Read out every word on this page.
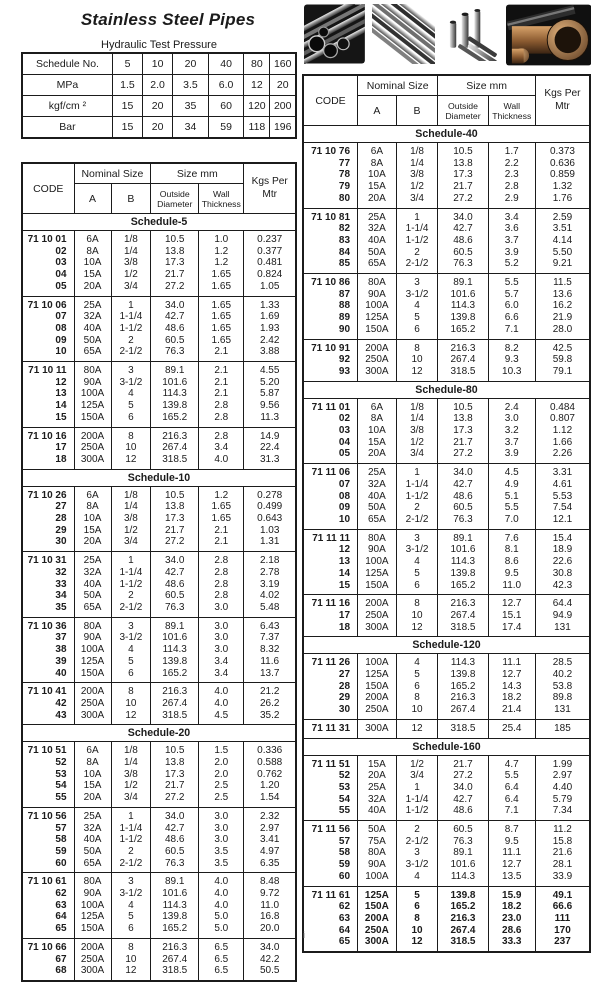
Stainless Steel Pipes
Hydraulic Test Pressure
Schedule No.	5	10	20	40	80	160
MPa	1.5	2.0	3.5	6.0	12	20
kgf/cm ²	15	20	35	60	120	200
Bar	15	20	34	59	118	196
CODE	Nominal Size		Size mm		Kgs Per Mtr
	A	B	Outside Diameter	Wall Thickness	
Schedule-5					
71 10 01	6A	1/8	10.5	1.0	0.237
02	8A	1/4	13.8	1.2	0.377
03	10A	3/8	17.3	1.2	0.481
04	15A	1/2	21.7	1.65	0.824
05	20A	3/4	27.2	1.65	1.05
71 10 06	25A	1	34.0	1.65	1.33
07	32A	1-1/4	42.7	1.65	1.69
08	40A	1-1/2	48.6	1.65	1.93
09	50A	2	60.5	1.65	2.42
10	65A	2-1/2	76.3	2.1	3.88
71 10 11	80A	3	89.1	2.1	4.55
12	90A	3-1/2	101.6	2.1	5.20
13	100A	4	114.3	2.1	5.87
14	125A	5	139.8	2.8	9.56
15	150A	6	165.2	2.8	11.3
71 10 16	200A	8	216.3	2.8	14.9
17	250A	10	267.4	3.4	22.4
18	300A	12	318.5	4.0	31.3
Schedule-10					
71 10 26	6A	1/8	10.5	1.2	0.278
27	8A	1/4	13.8	1.65	0.499
28	10A	3/8	17.3	1.65	0.643
29	15A	1/2	21.7	2.1	1.03
30	20A	3/4	27.2	2.1	1.31
71 10 31	25A	1	34.0	2.8	2.18
32	32A	1-1/4	42.7	2.8	2.78
33	40A	1-1/2	48.6	2.8	3.19
34	50A	2	60.5	2.8	4.02
35	65A	2-1/2	76.3	3.0	5.48
71 10 36	80A	3	89.1	3.0	6.43
37	90A	3-1/2	101.6	3.0	7.37
38	100A	4	114.3	3.0	8.32
39	125A	5	139.8	3.4	11.6
40	150A	6	165.2	3.4	13.7
71 10 41	200A	8	216.3	4.0	21.2
42	250A	10	267.4	4.0	26.2
43	300A	12	318.5	4.5	35.2
Schedule-20					
71 10 51	6A	1/8	10.5	1.5	0.336
52	8A	1/4	13.8	2.0	0.588
53	10A	3/8	17.3	2.0	0.762
54	15A	1/2	21.7	2.5	1.20
55	20A	3/4	27.2	2.5	1.54
71 10 56	25A	1	34.0	3.0	2.32
57	32A	1-1/4	42.7	3.0	2.97
58	40A	1-1/2	48.6	3.0	3.41
59	50A	2	60.5	3.5	4.97
60	65A	2-1/2	76.3	3.5	6.35
71 10 61	80A	3	89.1	4.0	8.48
62	90A	3-1/2	101.6	4.0	9.72
63	100A	4	114.3	4.0	11.0
64	125A	5	139.8	5.0	16.8
65	150A	6	165.2	5.0	20.0
71 10 66	200A	8	216.3	6.5	34.0
67	250A	10	267.4	6.5	42.2
68	300A	12	318.5	6.5	50.5
CODE	Nominal Size		Size mm		Kgs Per Mtr
	A	B	Outside Diameter	Wall Thickness	
Schedule-40					
71 10 76	6A	1/8	10.5	1.7	0.373
77	8A	1/4	13.8	2.2	0.636
78	10A	3/8	17.3	2.3	0.859
79	15A	1/2	21.7	2.8	1.32
80	20A	3/4	27.2	2.9	1.76
71 10 81	25A	1	34.0	3.4	2.59
82	32A	1-1/4	42.7	3.6	3.51
83	40A	1-1/2	48.6	3.7	4.14
84	50A	2	60.5	3.9	5.50
85	65A	2-1/2	76.3	5.2	9.21
71 10 86	80A	3	89.1	5.5	11.5
87	90A	3-1/2	101.6	5.7	13.6
88	100A	4	114.3	6.0	16.2
89	125A	5	139.8	6.6	21.9
90	150A	6	165.2	7.1	28.0
71 10 91	200A	8	216.3	8.2	42.5
92	250A	10	267.4	9.3	59.8
93	300A	12	318.5	10.3	79.1
Schedule-80					
71 11 01	6A	1/8	10.5	2.4	0.484
02	8A	1/4	13.8	3.0	0.807
03	10A	3/8	17.3	3.2	1.12
04	15A	1/2	21.7	3.7	1.66
05	20A	3/4	27.2	3.9	2.26
71 11 06	25A	1	34.0	4.5	3.31
07	32A	1-1/4	42.7	4.9	4.61
08	40A	1-1/2	48.6	5.1	5.53
09	50A	2	60.5	5.5	7.54
10	65A	2-1/2	76.3	7.0	12.1
71 11 11	80A	3	89.1	7.6	15.4
12	90A	3-1/2	101.6	8.1	18.9
13	100A	4	114.3	8.6	22.6
14	125A	5	139.8	9.5	30.8
15	150A	6	165.2	11.0	42.3
71 11 16	200A	8	216.3	12.7	64.4
17	250A	10	267.4	15.1	94.9
18	300A	12	318.5	17.4	131
Schedule-120					
71 11 26	100A	4	114.3	11.1	28.5
27	125A	5	139.8	12.7	40.2
28	150A	6	165.2	14.3	53.8
29	200A	8	216.3	18.2	89.8
30	250A	10	267.4	21.4	131
71 11 31	300A	12	318.5	25.4	185
Schedule-160					
71 11 51	15A	1/2	21.7	4.7	1.99
52	20A	3/4	27.2	5.5	2.97
53	25A	1	34.0	6.4	4.40
54	32A	1-1/4	42.7	6.4	5.79
55	40A	1-1/2	48.6	7.1	7.34
71 11 56	50A	2	60.5	8.7	11.2
57	75A	2-1/2	76.3	9.5	15.8
58	80A	3	89.1	11.1	21.6
59	90A	3-1/2	101.6	12.7	28.1
60	100A	4	114.3	13.5	33.9
71 11 61	125A	5	139.8	15.9	49.1
62	150A	6	165.2	18.2	66.6
63	200A	8	216.3	23.0	111
64	250A	10	267.4	28.6	170
65	300A	12	318.5	33.3	237
i
